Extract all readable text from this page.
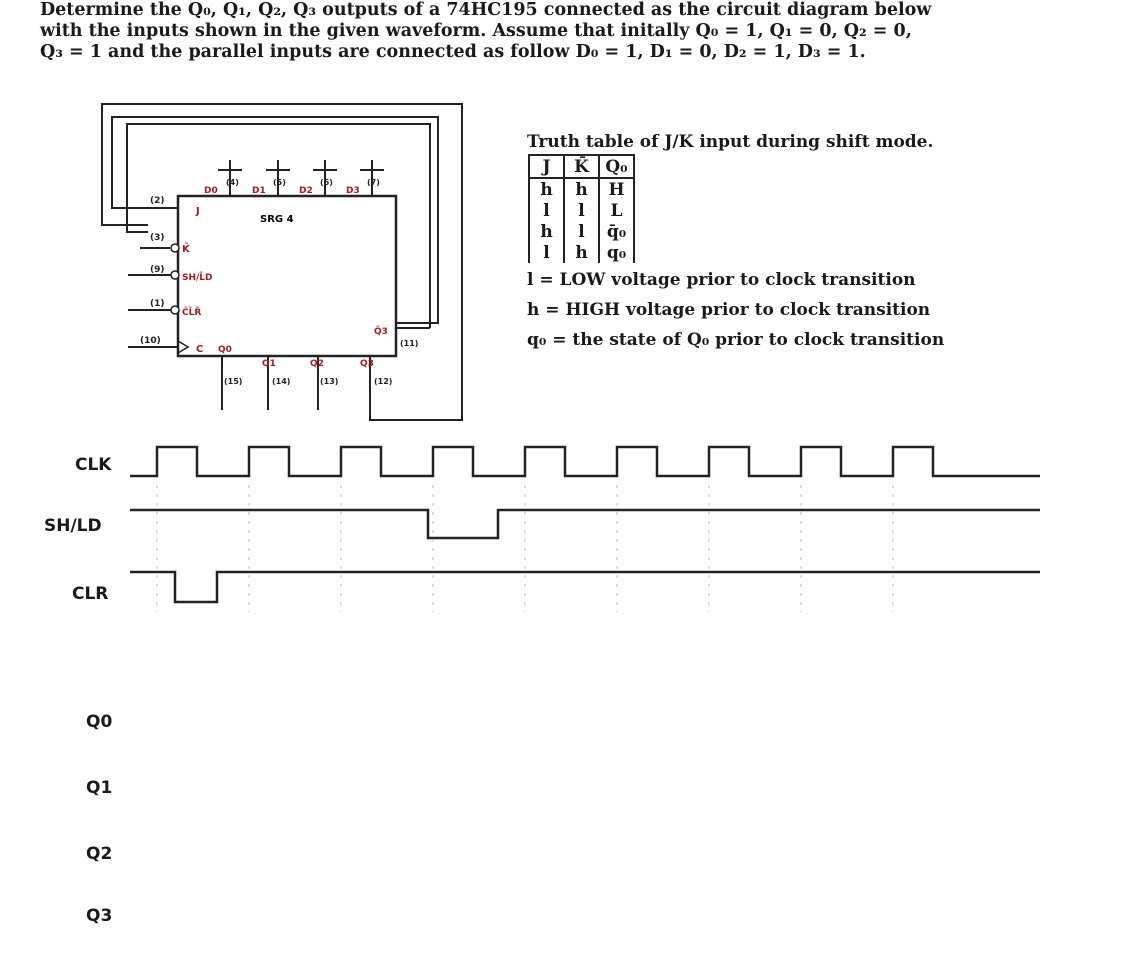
Determine the Q₀, Q₁, Q₂, Q₃ outputs of a 74HC195 connected as the circuit diagram below
with the inputs shown in the given waveform. Assume that initally Q₀ = 1, Q₁ = 0, Q₂ = 0,
Q₃ = 1 and the parallel inputs are connected as follow D₀ = 1, D₁ = 0, D₂ = 1, D₃ = 1.
SRG 4
(2)
(3)
(9)
(1)
(10)
J
K̄
SH/L̄D
C̄L̄R̄
C
D0	D1	D2	D3
(4)	(5)	(6)	(7)
Q0
Q1	Q2	Q3
Q̄3
(11)
(15)	(14)	(13)	(12)
Truth table of J/K input during shift mode.
J	K̄	Q₀
h	h	H
l	l	L
h	l	q̄₀
l	h	q₀
l = LOW voltage prior to clock transition
h = HIGH voltage prior to clock transition
q₀ = the state of Q₀ prior to clock transition
CLK
SH/LD
CLR
Q0
Q1
Q2
Q3
